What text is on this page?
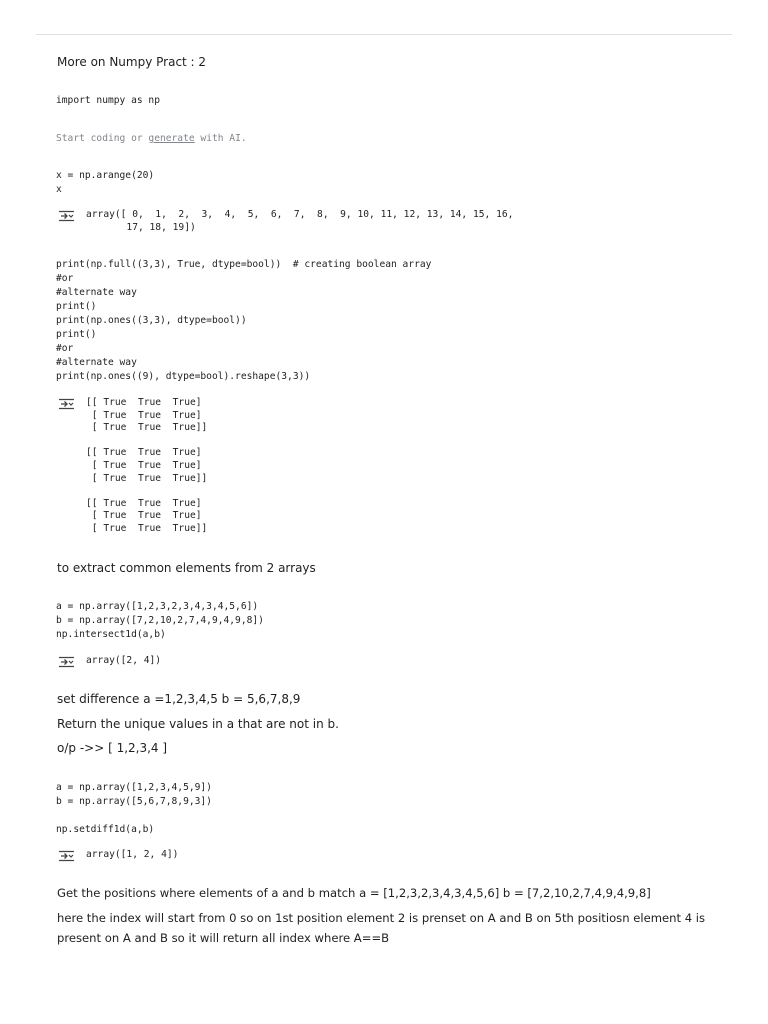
More on Numpy Pract : 2
import numpy as np
Start coding or generate with AI.
x = np.arange(20)
x
array([ 0,  1,  2,  3,  4,  5,  6,  7,  8,  9, 10, 11, 12, 13, 14, 15, 16,
17, 18, 19])
print(np.full((3,3), True, dtype=bool))  # creating boolean array
#or
#alternate way
print()
print(np.ones((3,3), dtype=bool))
print()
#or
#alternate way
print(np.ones((9), dtype=bool).reshape(3,3))
[[ True  True  True]
[ True  True  True]
[ True  True  True]]

[[ True  True  True]
[ True  True  True]
[ True  True  True]]

[[ True  True  True]
[ True  True  True]
[ True  True  True]]
to extract common elements from 2 arrays
a = np.array([1,2,3,2,3,4,3,4,5,6])
b = np.array([7,2,10,2,7,4,9,4,9,8])
np.intersect1d(a,b)
array([2, 4])
set difference a =1,2,3,4,5 b = 5,6,7,8,9
Return the unique values in a that are not in b.
o/p ->> [ 1,2,3,4 ]
a = np.array([1,2,3,4,5,9])
b = np.array([5,6,7,8,9,3])
np.setdiff1d(a,b)
array([1, 2, 4])
Get the positions where elements of a and b match a = [1,2,3,2,3,4,3,4,5,6] b = [7,2,10,2,7,4,9,4,9,8]
here the index will start from 0 so on 1st position element 2 is prenset on A and B on 5th positiosn element 4 is present on A and B so it will return all index where A==B
